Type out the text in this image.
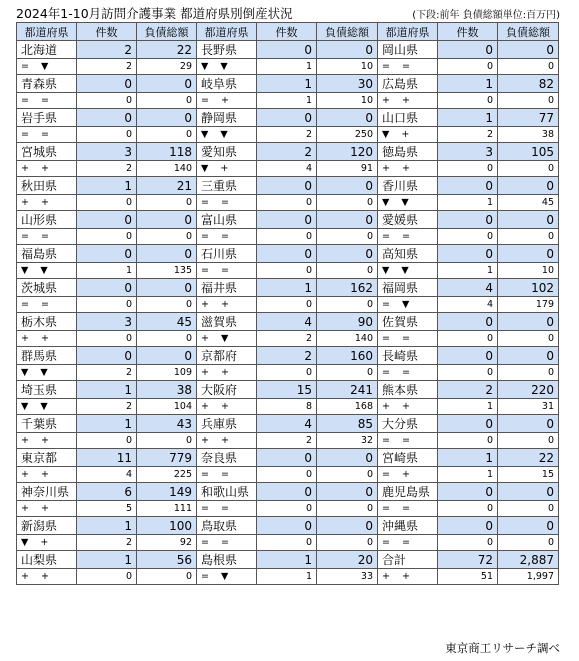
2024年1-10月訪問介護事業 都道府県別倒産状況	(下段:前年 負債総額単位:百万円)
都道府県	件数	負債総額	都道府県	件数	負債総額	都道府県	件数	負債総額
北海道	2	22	長野県	0	0	岡山県	0	0
=    ▼	2	29	▼    ▼	1	10	=    =	0	0
青森県	0	0	岐阜県	1	30	広島県	1	82
=    =	0	0	=    +	1	10	+    +	0	0
岩手県	0	0	静岡県	0	0	山口県	1	77
=    =	0	0	▼    ▼	2	250	▼    +	2	38
宮城県	3	118	愛知県	2	120	徳島県	3	105
+    +	2	140	▼    +	4	91	+    +	0	0
秋田県	1	21	三重県	0	0	香川県	0	0
+    +	0	0	=    =	0	0	▼    ▼	1	45
山形県	0	0	富山県	0	0	愛媛県	0	0
=    =	0	0	=    =	0	0	=    =	0	0
福島県	0	0	石川県	0	0	高知県	0	0
▼    ▼	1	135	=    =	0	0	▼    ▼	1	10
茨城県	0	0	福井県	1	162	福岡県	4	102
=    =	0	0	+    +	0	0	=    ▼	4	179
栃木県	3	45	滋賀県	4	90	佐賀県	0	0
+    +	0	0	+    ▼	2	140	=    =	0	0
群馬県	0	0	京都府	2	160	長崎県	0	0
▼    ▼	2	109	+    +	0	0	=    =	0	0
埼玉県	1	38	大阪府	15	241	熊本県	2	220
▼    ▼	2	104	+    +	8	168	+    +	1	31
千葉県	1	43	兵庫県	4	85	大分県	0	0
+    +	0	0	+    +	2	32	=    =	0	0
東京都	11	779	奈良県	0	0	宮崎県	1	22
+    +	4	225	=    =	0	0	=    +	1	15
神奈川県	6	149	和歌山県	0	0	鹿児島県	0	0
+    +	5	111	=    =	0	0	=    =	0	0
新潟県	1	100	鳥取県	0	0	沖縄県	0	0
▼    +	2	92	=    =	0	0	=    =	0	0
山梨県	1	56	島根県	1	20	合計	72	2,887
+    +	0	0	=    ▼	1	33	+    +	51	1,997
東京商工リサーチ調べ
